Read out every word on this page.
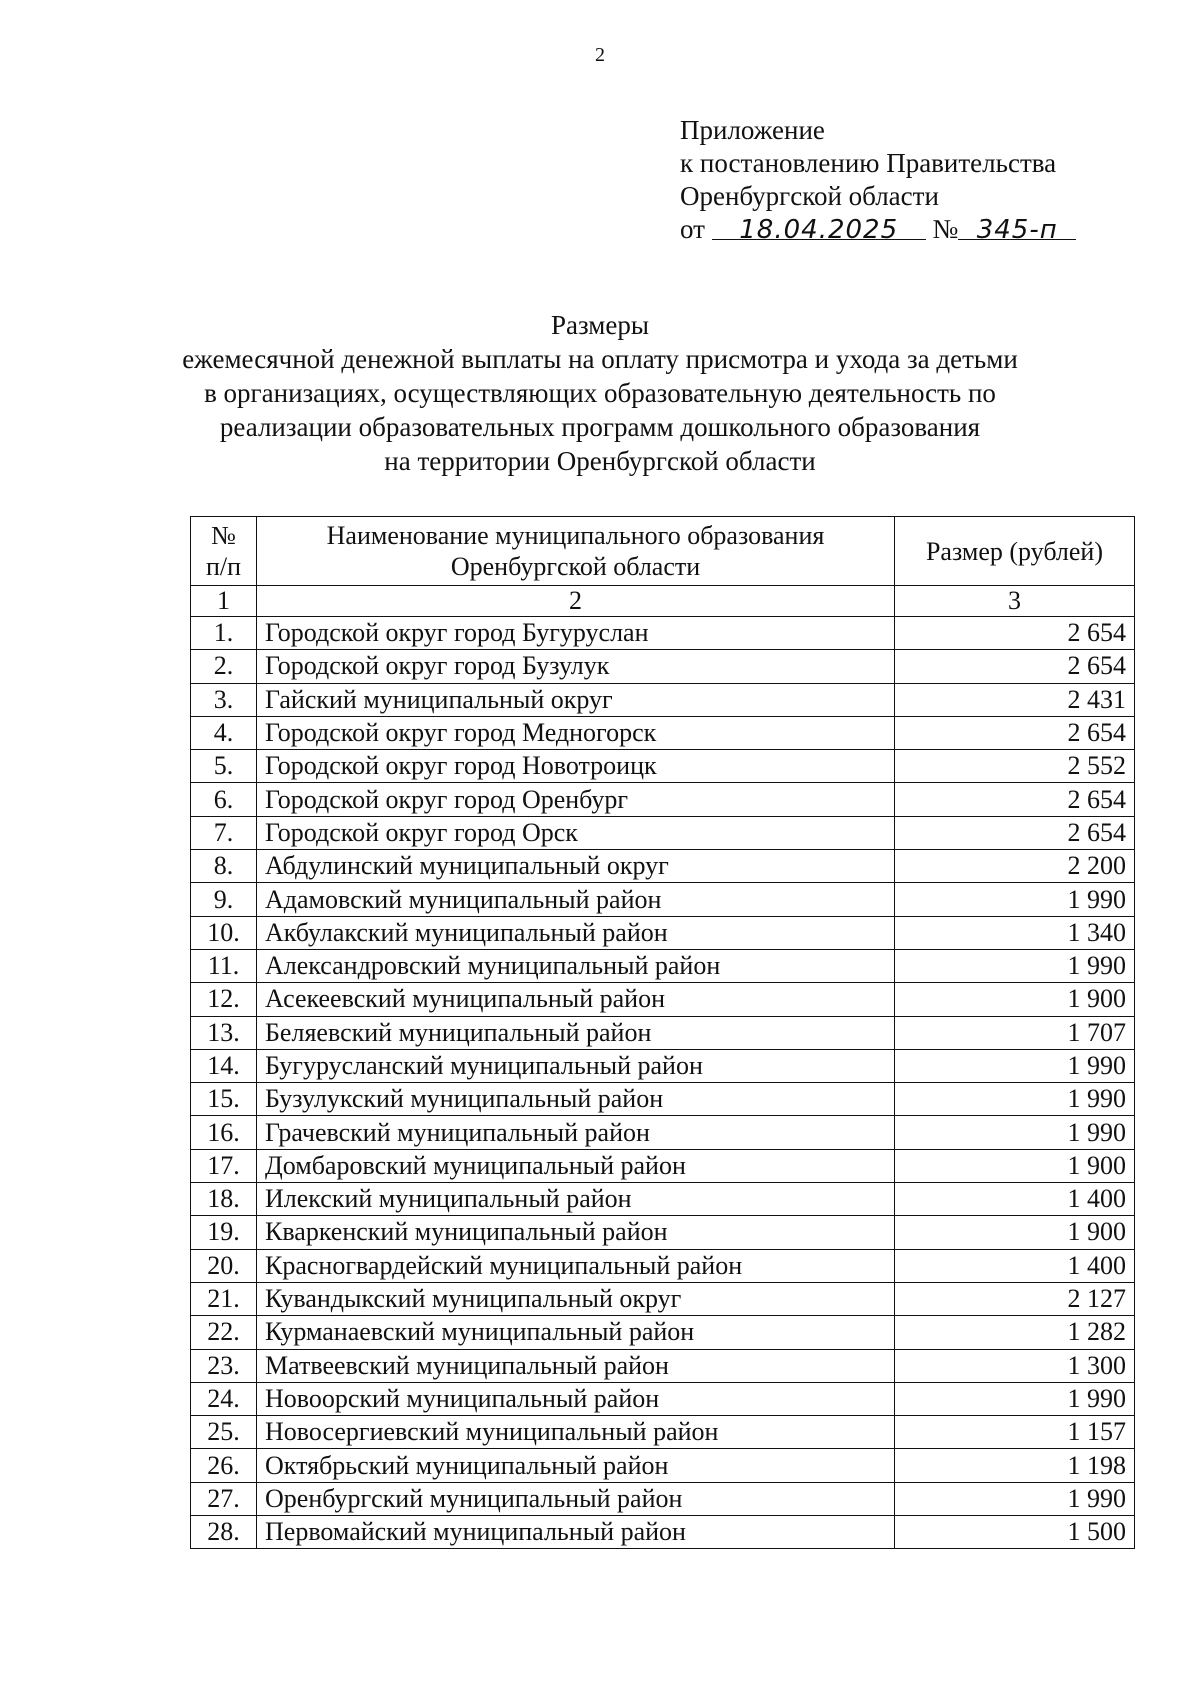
2
Приложение
к постановлению Правительства
Оренбургской области
от 18.04.2025 № 345-п
Размеры
ежемесячной денежной выплаты на оплату присмотра и ухода за детьми
в организациях, осуществляющих образовательную деятельность по
реализации образовательных программ дошкольного образования
на территории Оренбургской области
№ п/п	Наименование муниципального образования Оренбургской области	Размер (рублей)
1	2	3
1.	Городской округ город Бугуруслан	2 654
2.	Городской округ город Бузулук	2 654
3.	Гайский муниципальный округ	2 431
4.	Городской округ город Медногорск	2 654
5.	Городской округ город Новотроицк	2 552
6.	Городской округ город Оренбург	2 654
7.	Городской округ город Орск	2 654
8.	Абдулинский муниципальный округ	2 200
9.	Адамовский муниципальный район	1 990
10.	Акбулакский муниципальный район	1 340
11.	Александровский муниципальный район	1 990
12.	Асекеевский муниципальный район	1 900
13.	Беляевский муниципальный район	1 707
14.	Бугурусланский муниципальный район	1 990
15.	Бузулукский муниципальный район	1 990
16.	Грачевский муниципальный район	1 990
17.	Домбаровский муниципальный район	1 900
18.	Илекский муниципальный район	1 400
19.	Кваркенский муниципальный район	1 900
20.	Красногвардейский муниципальный район	1 400
21.	Кувандыкский муниципальный округ	2 127
22.	Курманаевский муниципальный район	1 282
23.	Матвеевский муниципальный район	1 300
24.	Новоорский муниципальный район	1 990
25.	Новосергиевский муниципальный район	1 157
26.	Октябрьский муниципальный район	1 198
27.	Оренбургский муниципальный район	1 990
28.	Первомайский муниципальный район	1 500
